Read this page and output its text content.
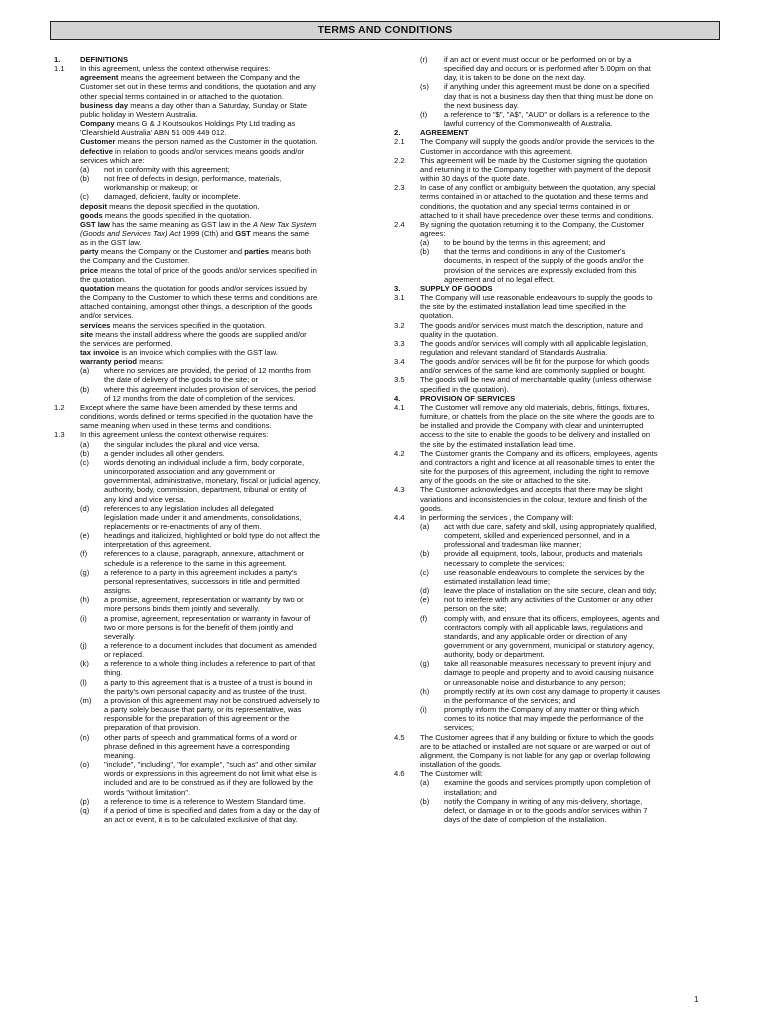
TERMS AND CONDITIONS
1.	DEFINITIONS
1.1 In this agreement, unless the context otherwise requires:
agreement means the agreement between the Company and the
Customer set out in these terms and conditions, the quotation and any
other special terms contained in or attached to the quotation.
business day means a day other than a Saturday, Sunday or State
public holiday in Western Australia.
Company means G & J Koutsoukos Holdings Pty Ltd trading as
'Clearshield Australia' ABN 51 009 449 012.
Customer means the person named as the Customer in the quotation.
defective in relation to goods and/or services means goods and/or
services which are:
(a) not in conformity with this agreement;
(b) not free of defects in design, performance, materials,
workmanship or makeup; or
(c) damaged, deficient, faulty or incomplete.
deposit means the deposit specified in the quotation.
goods means the goods specified in the quotation.
GST law has the same meaning as GST law in the A New Tax System
(Goods and Services Tax) Act 1999 (Cth) and GST means the same
as in the GST law.
party means the Company or the Customer and parties means both
the Company and the Customer.
price means the total of price of the goods and/or services specified in
the quotation.
quotation means the quotation for goods and/or services issued by
the Company to the Customer to which these terms and conditions are
attached containing, amongst other things, a description of the goods
and/or services.
services means the services specified in the quotation.
site means the install address where the goods are supplied and/or
the services are performed.
tax invoice is an invoice which complies with the GST law.
warranty period means:
(a) where no services are provided, the period of 12 months from
the date of delivery of the goods to the site; or
(b) where this agreement includes provision of services, the period
of 12 months from the date of completion of the services.
1.2 Except where the same have been amended by these terms and
conditions, words defined or terms specified in the quotation have the
same meaning when used in these terms and conditions.
1.3 In this agreement unless the context otherwise requires:
(a) the singular includes the plural and vice versa.
(b) a gender includes all other genders.
(c) words denoting an individual include a firm, body corporate,
unincorporated association and any government or
governmental, administrative, monetary, fiscal or judicial agency,
authority, body, commission, department, tribunal or entity of
any kind and vice versa.
(d) references to any legislation includes all delegated
legislation made under it and amendments, consolidations,
replacements or re-enactments of any of them.
(e) headings and italicized, highlighted or bold type do not affect the
interpretation of this agreement.
(f) references to a clause, paragraph, annexure, attachment or
schedule is a reference to the same in this agreement.
(g) a reference to a party in this agreement includes a party's
personal representatives, successors in title and permitted
assigns.
(h) a promise, agreement, representation or warranty by two or
more persons binds them jointly and severally.
(i) a promise, agreement, representation or warranty in favour of
two or more persons is for the benefit of them jointly and
severally.
(j) a reference to a document includes that document as amended
or replaced.
(k) a reference to a whole thing includes a reference to part of that
thing.
(l) a party to this agreement that is a trustee of a trust is bound in
the party's own personal capacity and as trustee of the trust.
(m) a provision of this agreement may not be construed adversely to
a party solely because that party, or its representative, was
responsible for the preparation of this agreement or the
preparation of that provision.
(n) other parts of speech and grammatical forms of a word or
phrase defined in this agreement have a corresponding
meaning.
(o) "include", "including", "for example", "such as" and other similar
words or expressions in this agreement do not limit what else is
included and are to be construed as if they are followed by the
words "without limitation".
(p) a reference to time is a reference to Western Standard time.
(q) if a period of time is specified and dates from a day or the day of
an act or event, it is to be calculated exclusive of that day.
(r) if an act or event must occur or be performed on or by a
specified day and occurs or is performed after 5.00pm on that
day, it is taken to be done on the next day.
(s) if anything under this agreement must be done on a specified
day that is not a business day then that thing must be done on
the next business day.
(t) a reference to "$", "A$", "AUD" or dollars is a reference to the
lawful currency of the Commonwealth of Australia.
2.	AGREEMENT
2.1 The Company will supply the goods and/or provide the services to the
Customer in accordance with this agreement.
2.2 This agreement will be made by the Customer signing the quotation
and returning it to the Company together with payment of the deposit
within 30 days of the quote date.
2.3 In case of any conflict or ambiguity between the quotation, any special
terms contained in or attached to the quotation and these terms and
conditions, the quotation and any special terms contained in or
attached to it shall have precedence over these terms and conditions.
2.4 By signing the quotation returning it to the Company, the Customer
agrees:
(a) to be bound by the terms in this agreement; and
(b) that the terms and conditions in any of the Customer's
documents, in respect of the supply of the goods and/or the
provision of the services are expressly excluded from this
agreement and of no legal effect.
3.	SUPPLY OF GOODS
3.1 The Company will use reasonable endeavours to supply the goods to
the site by the estimated installation lead time specified in the
quotation.
3.2 The goods and/or services must match the description, nature and
quality in the quotation.
3.3 The goods and/or services will comply with all applicable legislation,
regulation and relevant standard of Standards Australia.
3.4 The goods and/or services will be fit for the purpose for which goods
and/or services of the same kind are commonly supplied or bought.
3.5 The goods will be new and of merchantable quality (unless otherwise
specified in the quotation).
4.	PROVISION OF SERVICES
4.1 The Customer will remove any old materials, debris, fittings, fixtures,
furniture, or chattels from the place on the site where the goods are to
be installed and provide the Company with clear and uninterrupted
access to the site to enable the goods to be delivery and installed on
the site by the estimated installation lead time.
4.2 The Customer grants the Company and its officers, employees, agents
and contractors a right and licence at all reasonable times to enter the
site for the purposes of this agreement, including the right to remove
any of the goods on the site or attached to the site.
4.3 The Customer acknowledges and accepts that there may be slight
variations and inconsistencies in the colour, texture and finish of the
goods.
4.4 In performing the services , the Company will:
(a) act with due care, safety and skill, using appropriately qualified,
competent, skilled and experienced personnel, and in a
professional and tradesman like manner;
(b) provide all equipment, tools, labour, products and materials
necessary to complete the services;
(c) use reasonable endeavours to complete the services by the
estimated installation lead time;
(d) leave the place of installation on the site secure, clean and tidy;
(e) not to interfere with any activities of the Customer or any other
person on the site;
(f) comply with, and ensure that its officers, employees, agents and
contractors comply with all applicable laws, regulations and
standards, and any applicable order or direction of any
government or any government, municipal or statutory agency,
authority, body or department.
(g) take all reasonable measures necessary to prevent injury and
damage to people and property and to avoid causing nuisance
or unreasonable noise and disturbance to any person;
(h) promptly rectify at its own cost any damage to property it causes
in the performance of the services; and
(i) promptly inform the Company of any matter or thing which
comes to its notice that may impede the performance of the
services;
4.5 The Customer agrees that if any building or fixture to which the goods
are to be attached or installed are not square or are warped or out of
alignment, the Company is not liable for any gap or overlap following
installation of the goods.
4.6 The Customer will:
(a) examine the goods and services promptly upon completion of
installation; and
(b) notify the Company in writing of any mis-delivery, shortage,
defect, or damage in or to the goods and/or services within 7
days of the date of completion of the installation.
1
